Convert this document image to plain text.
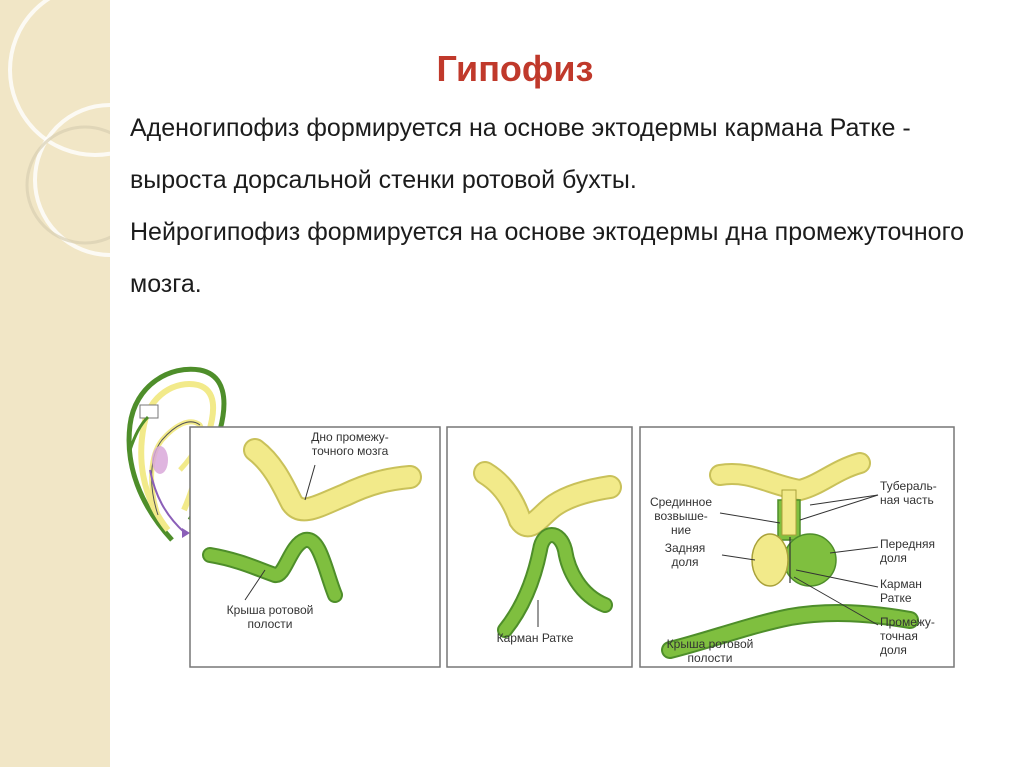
Гипофиз

Аденогипофиз формируется на основе эктодермы кармана Ратке - выроста дорсальной стенки ротовой бухты.

Нейрогипофиз формируется на основе эктодермы дна промежуточного мозга.

Дно промежу-
точного мозга
Крыша ротовой
полости
Карман Ратке
Срединное
возвыше-
ние
Задняя
доля
Тубераль-
ная часть
Передняя
доля
Карман
Ратке
Промежу-
точная
доля
Крыша ротовой
полости
